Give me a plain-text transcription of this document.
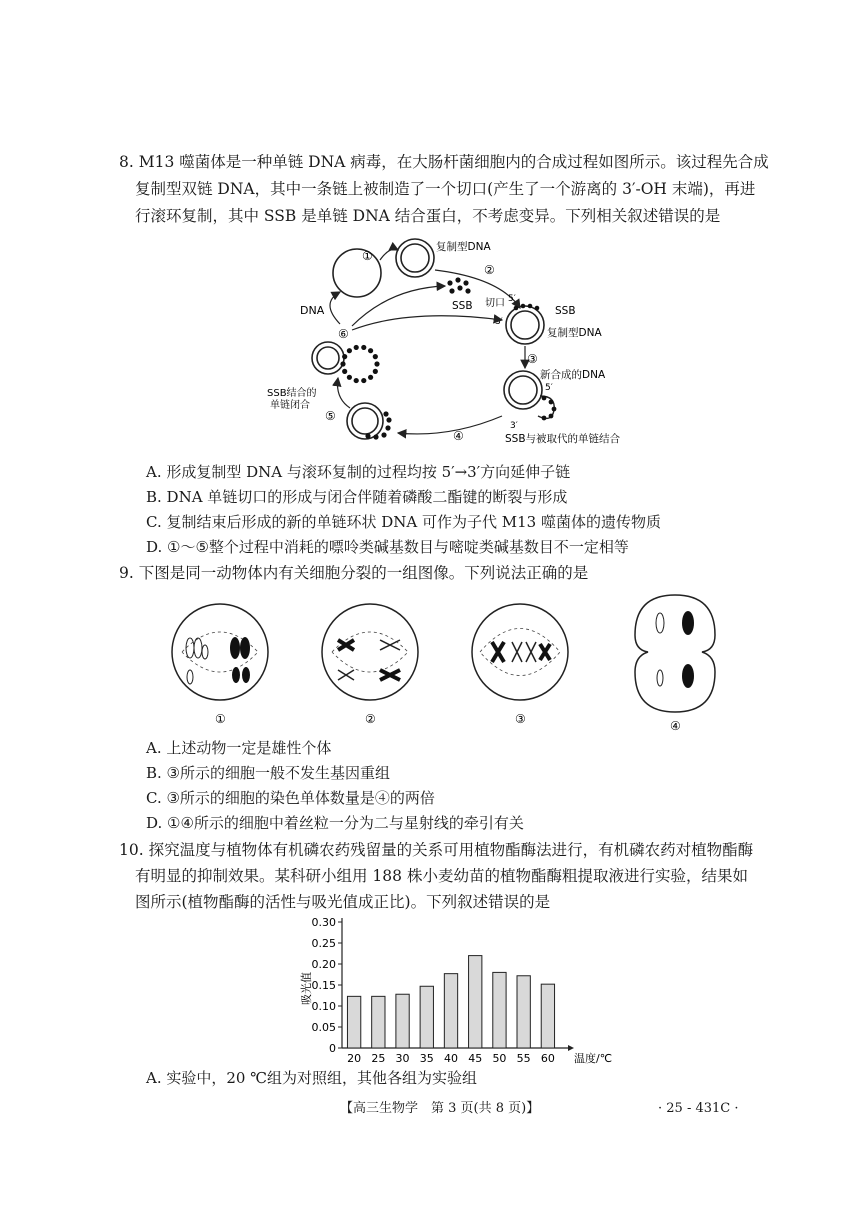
8. M13 噬菌体是一种单链 DNA 病毒，在大肠杆菌细胞内的合成过程如图所示。该过程先合成
复制型双链 DNA，其中一条链上被制造了一个切口(产生了一个游离的 3′-OH 末端)，再进
行滚环复制，其中 SSB 是单链 DNA 结合蛋白，不考虑变异。下列相关叙述错误的是
DNA
①
复制型DNA
②
SSB 切口 5′
3′
SSB
复制型DNA
⑥
③
新合成的DNA
3′
5′
SSB与被取代的单链结合
④
⑤
SSB结合的
单链闭合
A. 形成复制型 DNA 与滚环复制的过程均按 5′→3′方向延伸子链
B. DNA 单链切口的形成与闭合伴随着磷酸二酯键的断裂与形成
C. 复制结束后形成的新的单链环状 DNA 可作为子代 M13 噬菌体的遗传物质
D. ①～⑤整个过程中消耗的嘌呤类碱基数目与嘧啶类碱基数目不一定相等
9. 下图是同一动物体内有关细胞分裂的一组图像。下列说法正确的是
①	②	③	④
A. 上述动物一定是雄性个体
B. ③所示的细胞一般不发生基因重组
C. ③所示的细胞的染色单体数量是④的两倍
D. ①④所示的细胞中着丝粒一分为二与星射线的牵引有关
10. 探究温度与植物体有机磷农药残留量的关系可用植物酯酶法进行，有机磷农药对植物酯酶
有明显的抑制效果。某科研小组用 188 株小麦幼苗的植物酯酶粗提取液进行实验，结果如
图所示(植物酯酶的活性与吸光值成正比)。下列叙述错误的是
0
0.05
0.10
0.15
0.20
0.25
0.30
20 25 30 35 40 45 50 55 60 温度/℃
吸光值
A. 实验中，20 ℃组为对照组，其他各组为实验组
【高三生物学　第 3 页(共 8 页)】	· 25 - 431C ·
